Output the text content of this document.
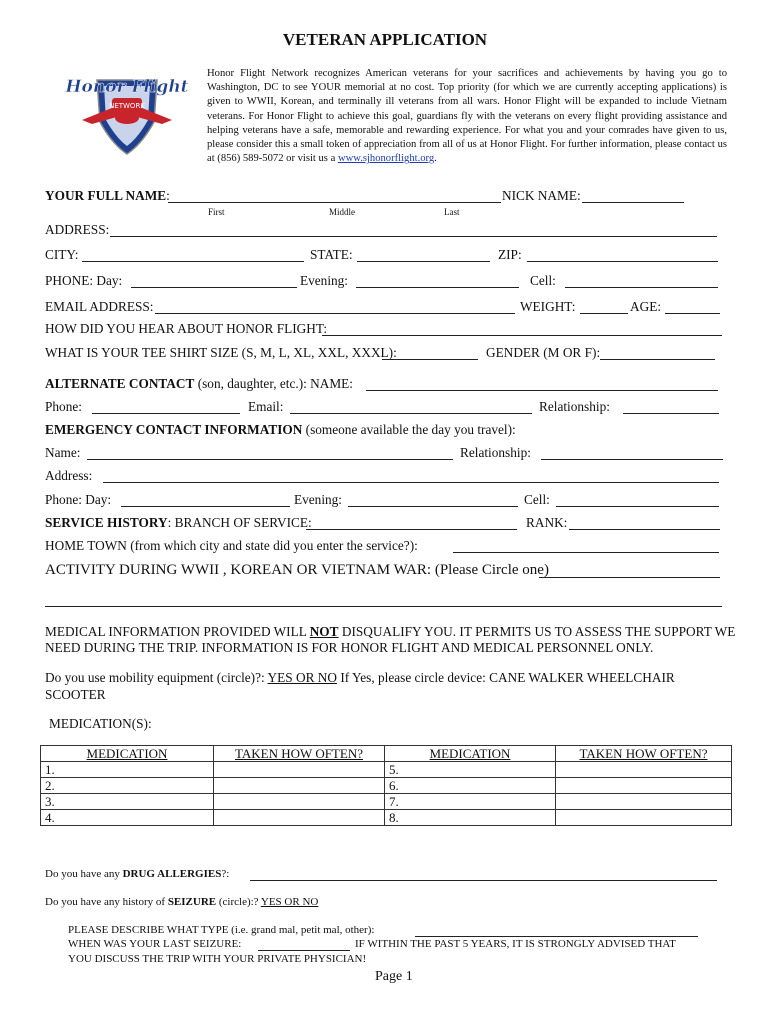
VETERAN APPLICATION
Honor Flight
NETWORK
Honor Flight Network recognizes American veterans for your sacrifices and achievements by having you go to Washington, DC to see YOUR memorial at no cost. Top priority (for which we are currently accepting applications) is given to WWII, Korean, and terminally ill veterans from all wars. Honor Flight will be expanded to include Vietnam veterans. For Honor Flight to achieve this goal, guardians fly with the veterans on every flight providing assistance and helping veterans have a safe, memorable and rewarding experience. For what you and your comrades have given to us, please consider this a small token of appreciation from all of us at Honor Flight. For further information, please contact us at (856) 589-5072 or visit us a www.sjhonorflight.org.
YOUR FULL NAME:	NICK NAME:
First	Middle	Last
ADDRESS:
CITY:	STATE:	ZIP:
PHONE: Day:	Evening:	Cell:
EMAIL ADDRESS:	WEIGHT:	AGE:
HOW DID YOU HEAR ABOUT HONOR FLIGHT:
WHAT IS YOUR TEE SHIRT SIZE (S, M, L, XL, XXL, XXXL):	GENDER (M OR F):
ALTERNATE CONTACT (son, daughter, etc.): NAME:
Phone:	Email:	Relationship:
EMERGENCY CONTACT INFORMATION (someone available the day you travel):
Name:	Relationship:
Address:
Phone: Day:	Evening:	Cell:
SERVICE HISTORY: BRANCH OF SERVICE:	RANK:
HOME TOWN (from which city and state did you enter the service?):
ACTIVITY DURING WWII , KOREAN OR VIETNAM WAR: (Please Circle one)
MEDICAL INFORMATION PROVIDED WILL NOT DISQUALIFY YOU. IT PERMITS US TO ASSESS THE SUPPORT WE
NEED DURING THE TRIP. INFORMATION IS FOR HONOR FLIGHT AND MEDICAL PERSONNEL ONLY.
Do you use mobility equipment (circle)?: YES OR NO If Yes, please circle device: CANE WALKER WHEELCHAIR
SCOOTER
MEDICATION(S):
MEDICATION	TAKEN HOW OFTEN?	MEDICATION	TAKEN HOW OFTEN?
1.		5.	
2.		6.	
3.		7.	
4.		8.	
Do you have any DRUG ALLERGIES?:
Do you have any history of SEIZURE (circle):? YES OR NO
PLEASE DESCRIBE WHAT TYPE (i.e. grand mal, petit mal, other):
WHEN WAS YOUR LAST SEIZURE:	IF WITHIN THE PAST 5 YEARS, IT IS STRONGLY ADVISED THAT
YOU DISCUSS THE TRIP WITH YOUR PRIVATE PHYSICIAN!
Page 1
